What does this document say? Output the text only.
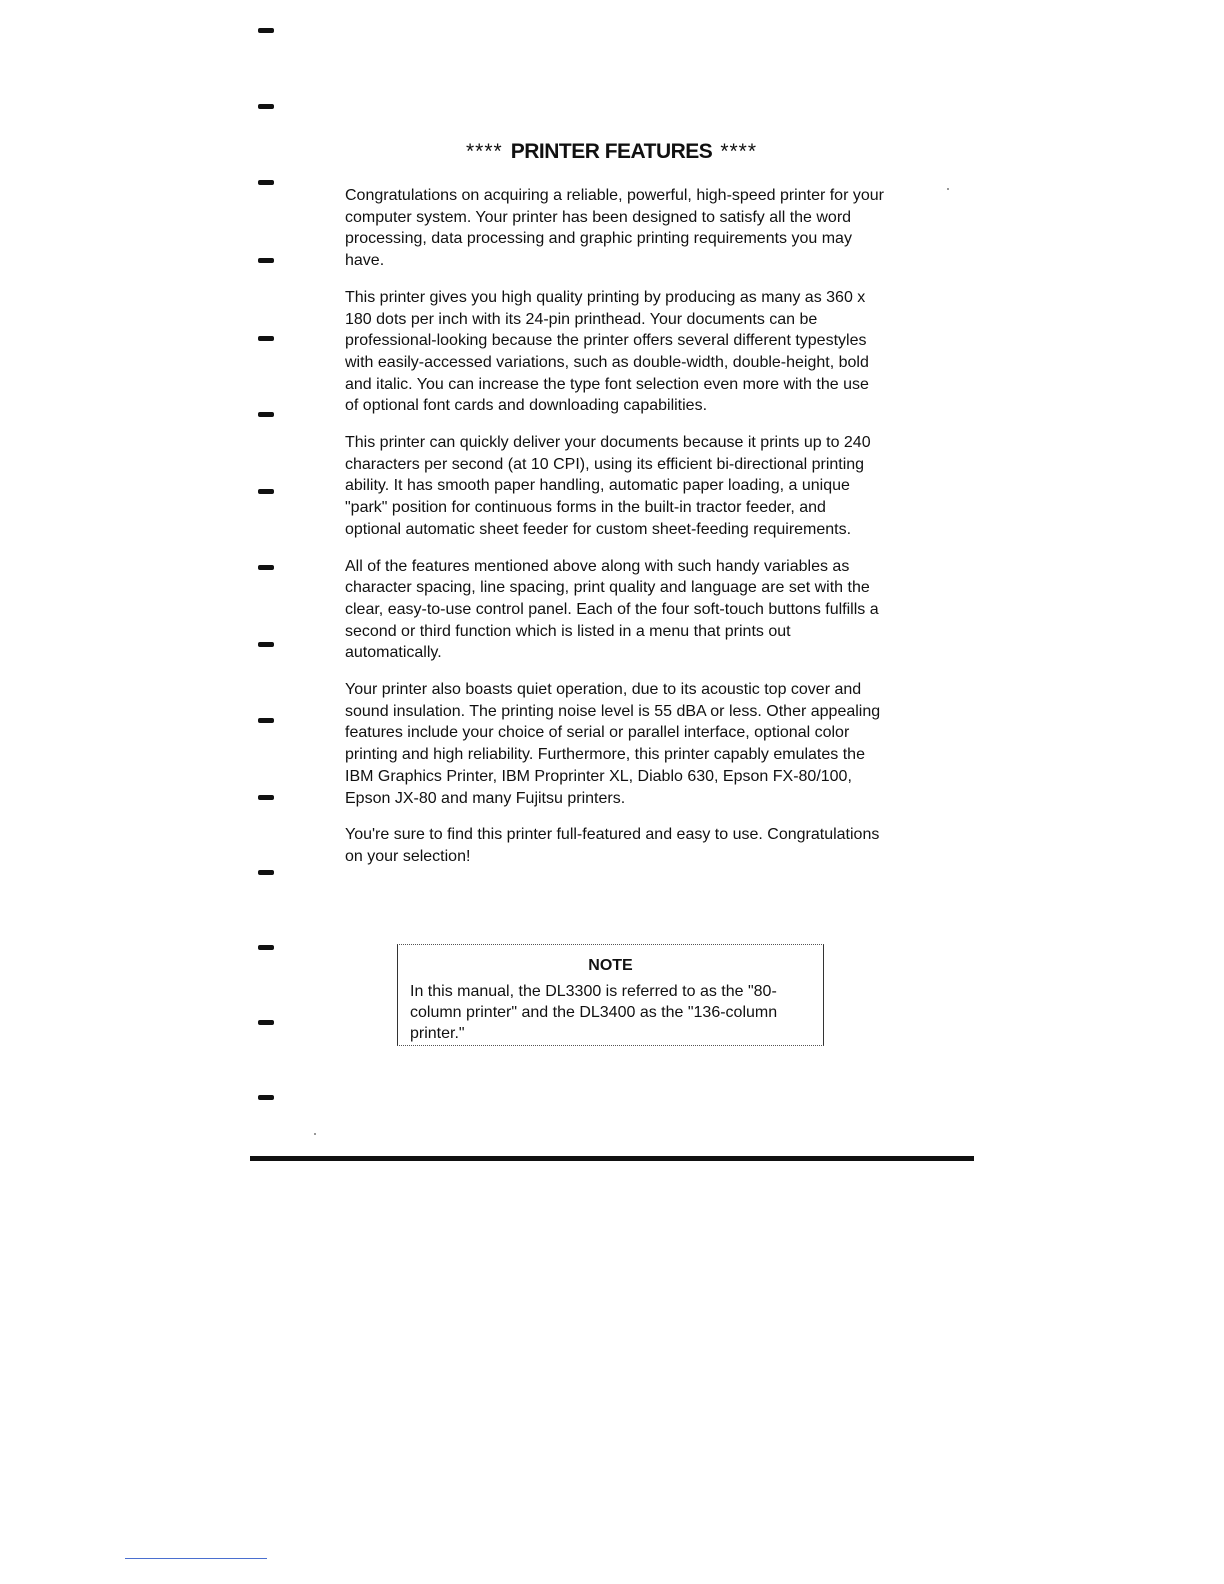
**** PRINTER FEATURES ****

Congratulations on acquiring a reliable, powerful, high-speed printer for your computer system. Your printer has been designed to satisfy all the word processing, data processing and graphic printing requirements you may have.

This printer gives you high quality printing by producing as many as 360 x 180 dots per inch with its 24-pin printhead. Your documents can be professional-looking because the printer offers several different typestyles with easily-accessed variations, such as double-width, double-height, bold and italic. You can increase the type font selection even more with the use of optional font cards and downloading capabilities.

This printer can quickly deliver your documents because it prints up to 240 characters per second (at 10 CPI), using its efficient bi-directional printing ability. It has smooth paper handling, automatic paper loading, a unique "park" position for continuous forms in the built-in tractor feeder, and optional automatic sheet feeder for custom sheet-feeding requirements.

All of the features mentioned above along with such handy variables as character spacing, line spacing, print quality and language are set with the clear, easy-to-use control panel. Each of the four soft-touch buttons fulfills a second or third function which is listed in a menu that prints out automatically.

Your printer also boasts quiet operation, due to its acoustic top cover and sound insulation. The printing noise level is 55 dBA or less. Other appealing features include your choice of serial or parallel interface, optional color printing and high reliability. Furthermore, this printer capably emulates the IBM Graphics Printer, IBM Proprinter XL, Diablo 630, Epson FX-80/100, Epson JX-80 and many Fujitsu printers.

You're sure to find this printer full-featured and easy to use. Congratulations on your selection!

NOTE
In this manual, the DL3300 is referred to as the "80-column printer" and the DL3400 as the "136-column printer."
